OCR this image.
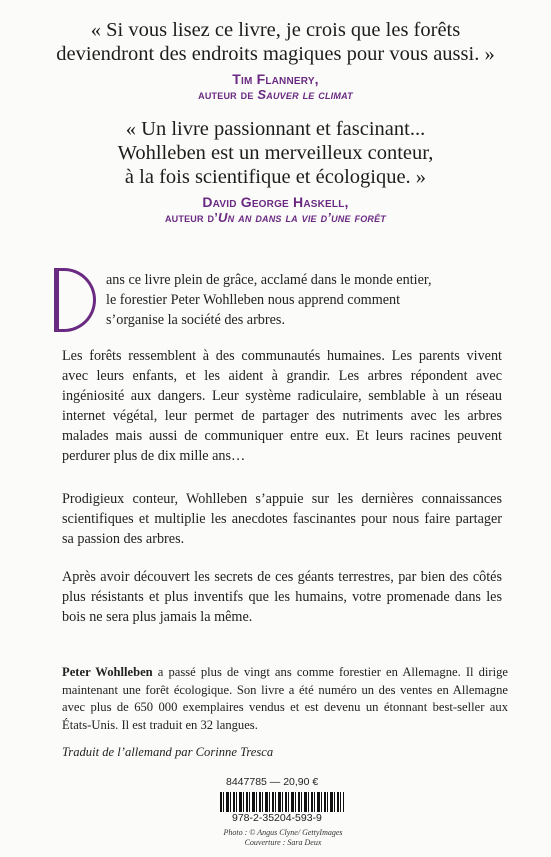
« Si vous lisez ce livre, je crois que les forêts
deviendront des endroits magiques pour vous aussi. »
Tim Flannery,
auteur de Sauver le climat
« Un livre passionnant et fascinant...
Wohlleben est un merveilleux conteur,
à la fois scientifique et écologique. »
David George Haskell,
auteur d’Un an dans la vie d’une forêt
ans ce livre plein de grâce, acclamé dans le monde entier,
le forestier Peter Wohlleben nous apprend comment
s’organise la société des arbres.

Les forêts ressemblent à des communautés humaines. Les parents vivent avec leurs enfants, et les aident à grandir. Les arbres répondent avec ingéniosité aux dangers. Leur système radiculaire, semblable à un réseau internet végétal, leur permet de partager des nutriments avec les arbres malades mais aussi de communiquer entre eux. Et leurs racines peuvent perdurer plus de dix mille ans…

Prodigieux conteur, Wohlleben s’appuie sur les dernières connaissances scientifiques et multiplie les anecdotes fascinantes pour nous faire partager sa passion des arbres.

Après avoir découvert les secrets de ces géants terrestres, par bien des côtés plus résistants et plus inventifs que les humains, votre promenade dans les bois ne sera plus jamais la même.

Peter Wohlleben a passé plus de vingt ans comme forestier en Allemagne. Il dirige maintenant une forêt écologique. Son livre a été numéro un des ventes en Allemagne avec plus de 650 000 exemplaires vendus et est devenu un étonnant best-seller aux États-Unis. Il est traduit en 32 langues.

Traduit de l’allemand par Corinne Tresca
8447785 — 20,90 €
978-2-35204-593-9
Photo : © Angus Clyne/ GettyImages
Couverture : Sara Deux
